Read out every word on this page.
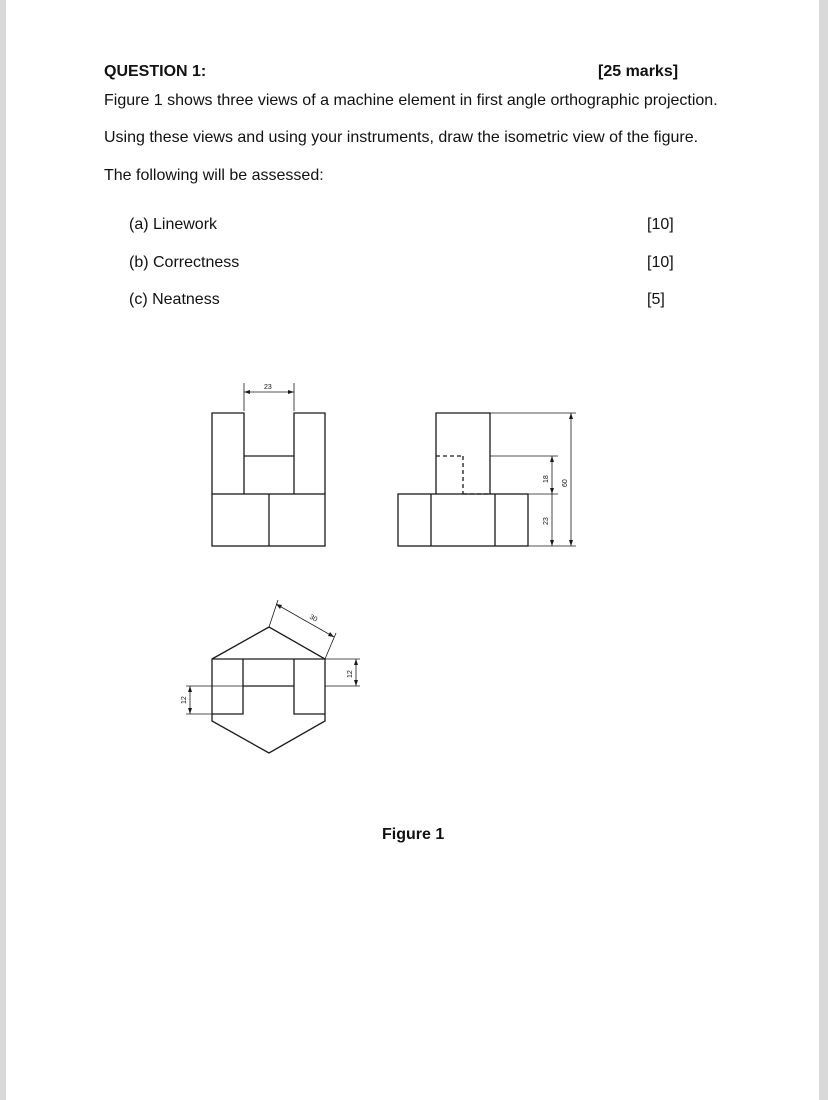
QUESTION 1:	[25 marks]
Figure 1 shows three views of a machine element in first angle orthographic projection.
Using these views and using your instruments, draw the isometric view of the figure.
The following will be assessed:
(a) Linework	[10]
(b) Correctness	[10]
(c) Neatness	[5]
23
18
23
60
30
12
12
Figure 1
